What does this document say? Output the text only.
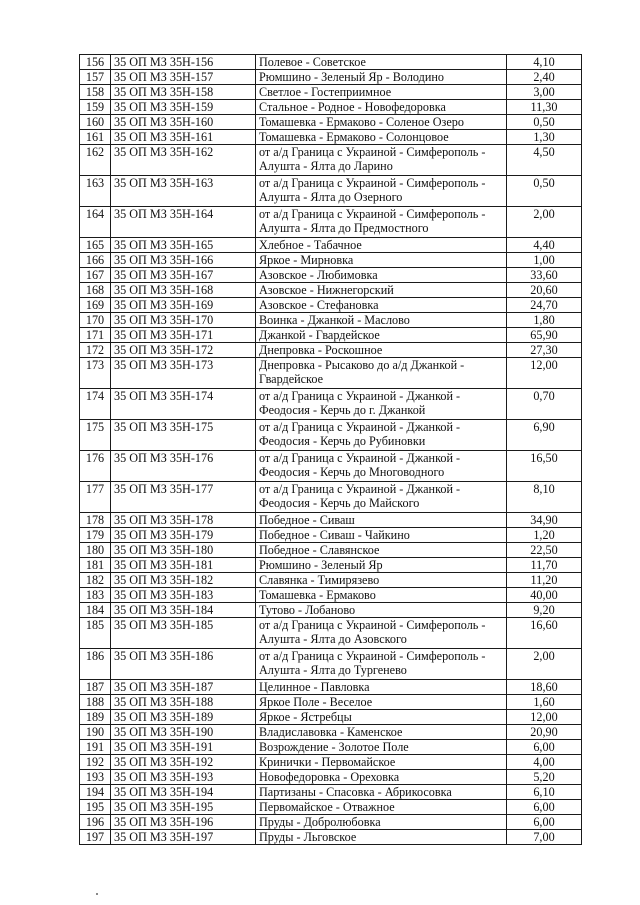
156	35 ОП МЗ 35Н-156	Полевое - Советское	4,10
157	35 ОП МЗ 35Н-157	Рюмшино - Зеленый Яр - Володино	2,40
158	35 ОП МЗ 35Н-158	Светлое - Гостеприимное	3,00
159	35 ОП МЗ 35Н-159	Стальное - Родное - Новофедоровка	11,30
160	35 ОП МЗ 35Н-160	Томашевка - Ермаково - Соленое Озеро	0,50
161	35 ОП МЗ 35Н-161	Томашевка - Ермаково - Солонцовое	1,30
162	35 ОП МЗ 35Н-162	от а/д Граница с Украиной - Симферополь - Алушта - Ялта до Ларино	4,50
163	35 ОП МЗ 35Н-163	от а/д Граница с Украиной - Симферополь - Алушта - Ялта до Озерного	0,50
164	35 ОП МЗ 35Н-164	от а/д Граница с Украиной - Симферополь - Алушта - Ялта до Предмостного	2,00
165	35 ОП МЗ 35Н-165	Хлебное - Табачное	4,40
166	35 ОП МЗ 35Н-166	Яркое - Мирновка	1,00
167	35 ОП МЗ 35Н-167	Азовское - Любимовка	33,60
168	35 ОП МЗ 35Н-168	Азовское - Нижнегорский	20,60
169	35 ОП МЗ 35Н-169	Азовское - Стефановка	24,70
170	35 ОП МЗ 35Н-170	Воинка - Джанкой - Маслово	1,80
171	35 ОП МЗ 35Н-171	Джанкой - Гвардейское	65,90
172	35 ОП МЗ 35Н-172	Днепровка - Роскошное	27,30
173	35 ОП МЗ 35Н-173	Днепровка - Рысаково до а/д Джанкой - Гвардейское	12,00
174	35 ОП МЗ 35Н-174	от а/д Граница с Украиной - Джанкой - Феодосия - Керчь до г. Джанкой	0,70
175	35 ОП МЗ 35Н-175	от а/д Граница с Украиной - Джанкой - Феодосия - Керчь до Рубиновки	6,90
176	35 ОП МЗ 35Н-176	от а/д Граница с Украиной - Джанкой - Феодосия - Керчь до Многоводного	16,50
177	35 ОП МЗ 35Н-177	от а/д Граница с Украиной - Джанкой - Феодосия - Керчь до Майского	8,10
178	35 ОП МЗ 35Н-178	Победное - Сиваш	34,90
179	35 ОП МЗ 35Н-179	Победное - Сиваш - Чайкино	1,20
180	35 ОП МЗ 35Н-180	Победное - Славянское	22,50
181	35 ОП МЗ 35Н-181	Рюмшино - Зеленый Яр	11,70
182	35 ОП МЗ 35Н-182	Славянка - Тимирязево	11,20
183	35 ОП МЗ 35Н-183	Томашевка - Ермаково	40,00
184	35 ОП МЗ 35Н-184	Тутово - Лобаново	9,20
185	35 ОП МЗ 35Н-185	от а/д Граница с Украиной - Симферополь - Алушта - Ялта до Азовского	16,60
186	35 ОП МЗ 35Н-186	от а/д Граница с Украиной - Симферополь - Алушта - Ялта до Тургенево	2,00
187	35 ОП МЗ 35Н-187	Целинное - Павловка	18,60
188	35 ОП МЗ 35Н-188	Яркое Поле - Веселое	1,60
189	35 ОП МЗ 35Н-189	Яркое - Ястребцы	12,00
190	35 ОП МЗ 35Н-190	Владиславовка - Каменское	20,90
191	35 ОП МЗ 35Н-191	Возрождение - Золотое Поле	6,00
192	35 ОП МЗ 35Н-192	Кринички - Первомайское	4,00
193	35 ОП МЗ 35Н-193	Новофедоровка - Ореховка	5,20
194	35 ОП МЗ 35Н-194	Партизаны - Спасовка - Абрикосовка	6,10
195	35 ОП МЗ 35Н-195	Первомайское - Отважное	6,00
196	35 ОП МЗ 35Н-196	Пруды - Добролюбовка	6,00
197	35 ОП МЗ 35Н-197	Пруды - Льговское	7,00
